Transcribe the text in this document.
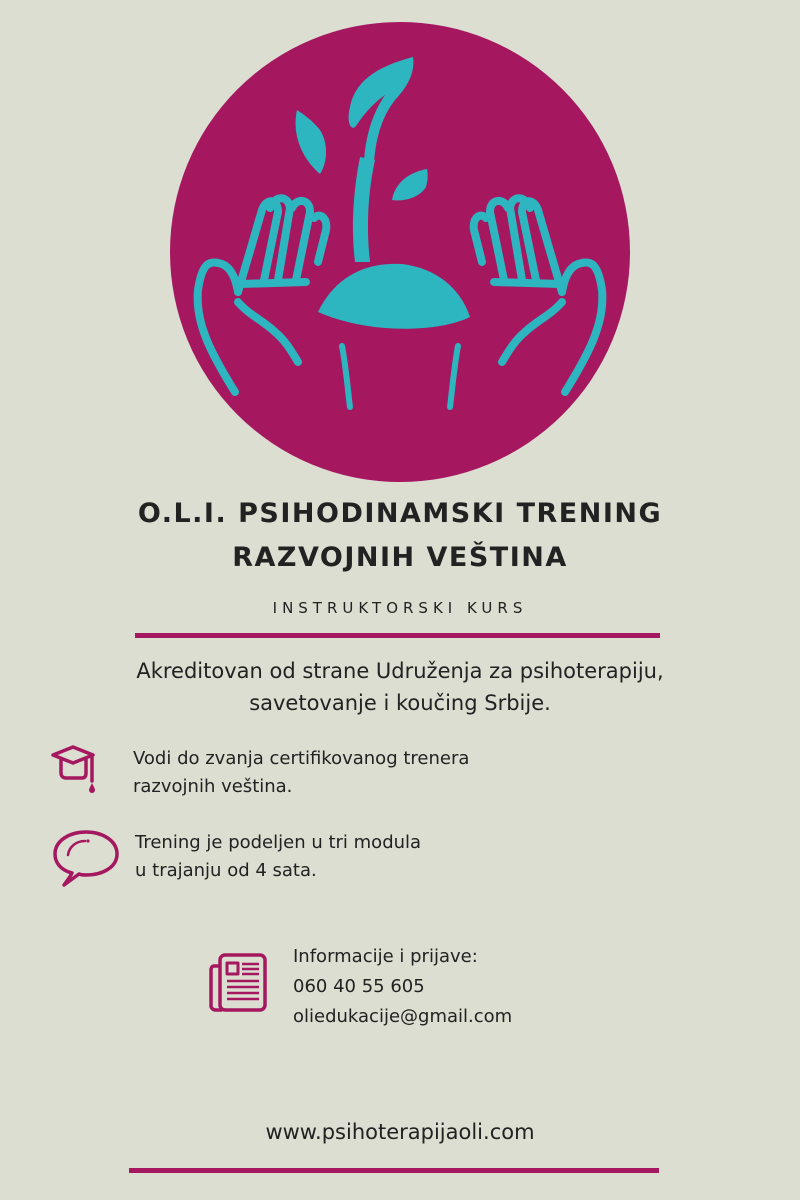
O.L.I. PSIHODINAMSKI TRENING
RAZVOJNIH VEŠTINA
INSTRUKTORSKI KURS
Akreditovan od strane Udruženja za psihoterapiju,
savetovanje i koučing Srbije.
Vodi do zvanja certifikovanog trenera
razvojnih veština.
Trening je podeljen u tri modula
u trajanju od 4 sata.
Informacije i prijave:
060 40 55 605
oliedukacije@gmail.com
www.psihoterapijaoli.com
